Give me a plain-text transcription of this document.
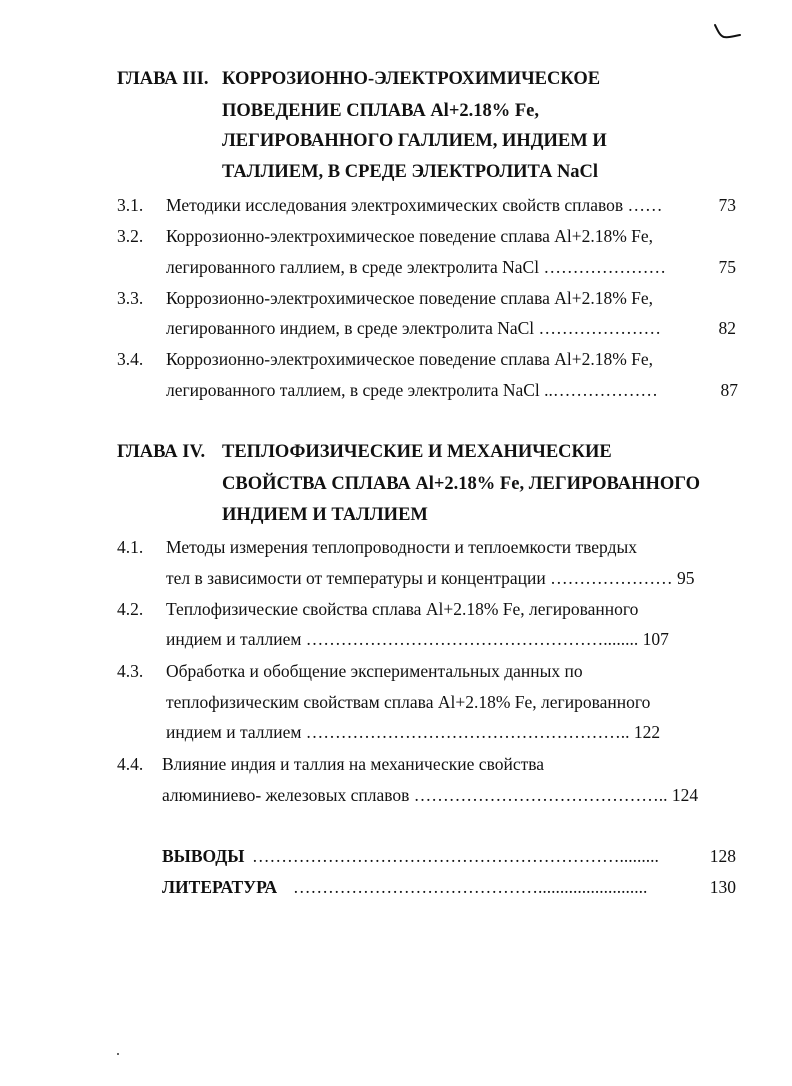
ГЛАВА III. КОРРОЗИОННО-ЭЛЕКТРОХИМИЧЕСКОЕ
ПОВЕДЕНИЕ СПЛАВА Al+2.18% Fe,
ЛЕГИРОВАННОГО ГАЛЛИЕМ, ИНДИЕМ И
ТАЛЛИЕМ, В СРЕДЕ ЭЛЕКТРОЛИТА NaCl
3.1. Методики исследования электрохимических свойств сплавов ……	73
3.2. Коррозионно-электрохимическое поведение сплава Al+2.18% Fe,
легированного галлием, в среде электролита NaCl …………………	75
3.3. Коррозионно-электрохимическое поведение сплава Al+2.18% Fe,
легированного индием, в среде электролита NaCl …………………	82
3.4. Коррозионно-электрохимическое поведение сплава Al+2.18% Fe,
легированного таллием, в среде электролита NaCl ..………………	87
ГЛАВА IV. ТЕПЛОФИЗИЧЕСКИЕ И МЕХАНИЧЕСКИЕ
СВОЙСТВА СПЛАВА Al+2.18% Fe, ЛЕГИРОВАННОГО
ИНДИЕМ И ТАЛЛИЕМ
4.1. Методы измерения теплопроводности и теплоемкости твердых
тел в зависимости от температуры и концентрации ………………… 95
4.2. Теплофизические свойства сплава Al+2.18% Fe, легированного
индием и таллием ……………………………………………........ 107
4.3. Обработка и обобщение экспериментальных данных по
теплофизическим свойствам сплава Al+2.18% Fe, легированного
индием и таллием ……………………………………………….. 122
4.4. Влияние индия и таллия на механические свойства
алюминиево- железовых сплавов …………………………………….. 124
ВЫВОДЫ ……………………………………………………….........	128
ЛИТЕРАТУРА …………………………………….........................	130
